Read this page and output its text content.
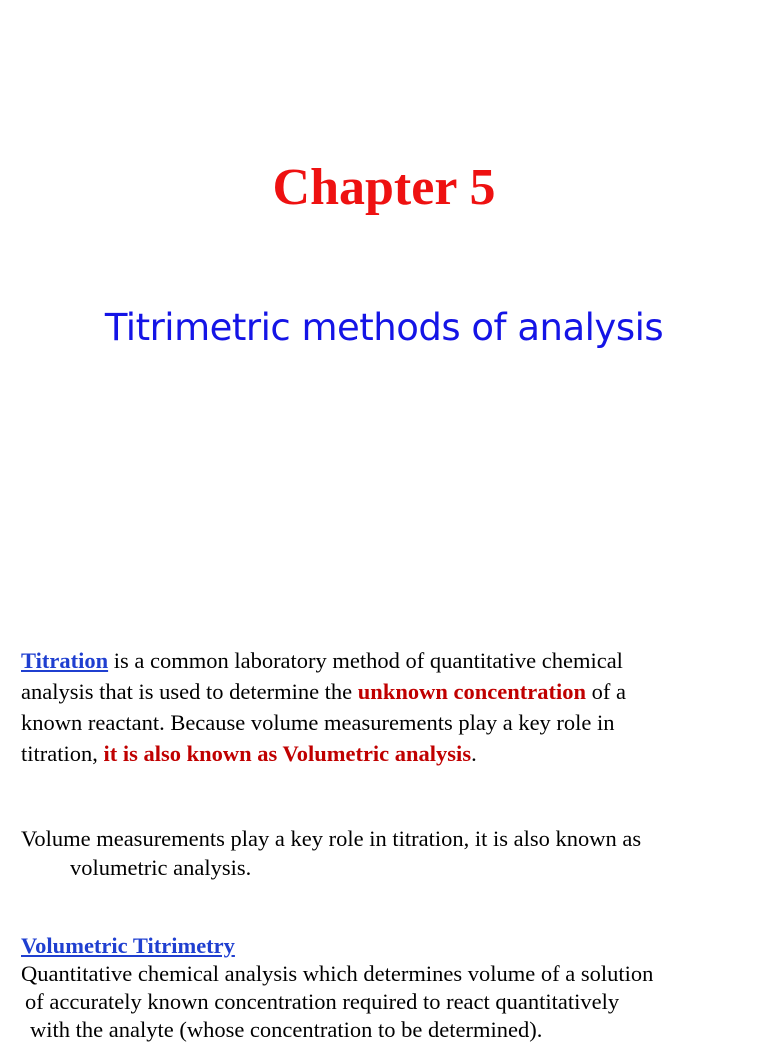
Chapter 5
Titrimetric methods of analysis
Titration is a common laboratory method of quantitative chemical
analysis that is used to determine the unknown concentration of a
known reactant. Because volume measurements play a key role in
titration, it is also known as Volumetric analysis.
Volume measurements play a key role in titration, it is also known as
volumetric analysis.
Volumetric Titrimetry
Quantitative chemical analysis which determines volume of a solution
of accurately known concentration required to react quantitatively
with the analyte (whose concentration to be determined).
